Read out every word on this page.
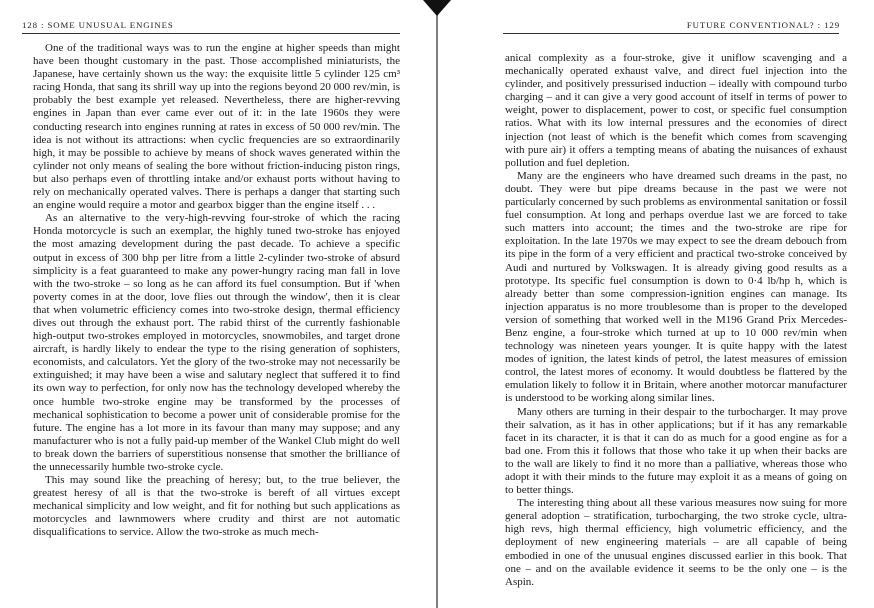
128 : SOME UNUSUAL ENGINES

One of the traditional ways was to run the engine at higher speeds than might have been thought customary in the past. Those accomplished miniaturists, the Japanese, have certainly shown us the way: the exquisite little 5 cylinder 125 cm³ racing Honda, that sang its shrill way up into the regions beyond 20 000 rev/min, is probably the best example yet released. Nevertheless, there are higher-revving engines in Japan than ever came ever out of it: in the late 1960s they were conducting research into engines running at rates in excess of 50 000 rev/min. The idea is not without its attractions: when cyclic frequencies are so extraordinarily high, it may be possible to achieve by means of shock waves generated within the cylinder not only means of sealing the bore without friction-inducing piston rings, but also perhaps even of throttling intake and/or exhaust ports without having to rely on mechanically operated valves. There is perhaps a danger that starting such an engine would require a motor and gearbox bigger than the engine itself . . .

As an alternative to the very-high-revving four-stroke of which the racing Honda motorcycle is such an exemplar, the highly tuned two-stroke has enjoyed the most amazing development during the past decade. To achieve a specific output in excess of 300 bhp per litre from a little 2-cylinder two-stroke of absurd simplicity is a feat guaranteed to make any power-hungry racing man fall in love with the two-stroke – so long as he can afford its fuel consumption. But if 'when poverty comes in at the door, love flies out through the window', then it is clear that when volumetric efficiency comes into two-stroke design, thermal efficiency dives out through the exhaust port. The rabid thirst of the currently fashionable high-output two-strokes employed in motorcycles, snowmobiles, and target drone aircraft, is hardly likely to endear the type to the rising generation of sophisters, economists, and calculators. Yet the glory of the two-stroke may not necessarily be extinguished; it may have been a wise and salutary neglect that suffered it to find its own way to perfection, for only now has the technology developed whereby the once humble two-stroke engine may be transformed by the processes of mechanical sophistication to become a power unit of considerable promise for the future. The engine has a lot more in its favour than many may suppose; and any manufacturer who is not a fully paid-up member of the Wankel Club might do well to break down the barriers of superstitious nonsense that smother the brilliance of the unnecessarily humble two-stroke cycle.

This may sound like the preaching of heresy; but, to the true believer, the greatest heresy of all is that the two-stroke is bereft of all virtues except mechanical simplicity and low weight, and fit for nothing but such applications as motorcycles and lawnmowers where crudity and thirst are not automatic disqualifications to service. Allow the two-stroke as much mech-

FUTURE CONVENTIONAL? : 129

anical complexity as a four-stroke, give it uniflow scavenging and a mechanically operated exhaust valve, and direct fuel injection into the cylinder, and positively pressurised induction – ideally with compound turbo charging – and it can give a very good account of itself in terms of power to weight, power to displacement, power to cost, or specific fuel consumption ratios. What with its low internal pressures and the economies of direct injection (not least of which is the benefit which comes from scavenging with pure air) it offers a tempting means of abating the nuisances of exhaust pollution and fuel depletion.

Many are the engineers who have dreamed such dreams in the past, no doubt. They were but pipe dreams because in the past we were not particularly concerned by such problems as environmental sanitation or fossil fuel consumption. At long and perhaps overdue last we are forced to take such matters into account; the times and the two-stroke are ripe for exploitation. In the late 1970s we may expect to see the dream debouch from its pipe in the form of a very efficient and practical two-stroke conceived by Audi and nurtured by Volkswagen. It is already giving good results as a prototype. Its specific fuel consumption is down to 0·4 lb/hp h, which is already better than some compression-ignition engines can manage. Its injection apparatus is no more troublesome than is proper to the developed version of something that worked well in the M196 Grand Prix Mercedes-Benz engine, a four-stroke which turned at up to 10 000 rev/min when technology was nineteen years younger. It is quite happy with the latest modes of ignition, the latest kinds of petrol, the latest measures of emission control, the latest mores of economy. It would doubtless be flattered by the emulation likely to follow it in Britain, where another motorcar manufacturer is understood to be working along similar lines.

Many others are turning in their despair to the turbocharger. It may prove their salvation, as it has in other applications; but if it has any remarkable facet in its character, it is that it can do as much for a good engine as for a bad one. From this it follows that those who take it up when their backs are to the wall are likely to find it no more than a palliative, whereas those who adopt it with their minds to the future may exploit it as a means of going on to better things.

The interesting thing about all these various measures now suing for more general adoption – stratification, turbocharging, the two stroke cycle, ultra-high revs, high thermal efficiency, high volumetric efficiency, and the deployment of new engineering materials – are all capable of being embodied in one of the unusual engines discussed earlier in this book. That one – and on the available evidence it seems to be the only one – is the Aspin.
